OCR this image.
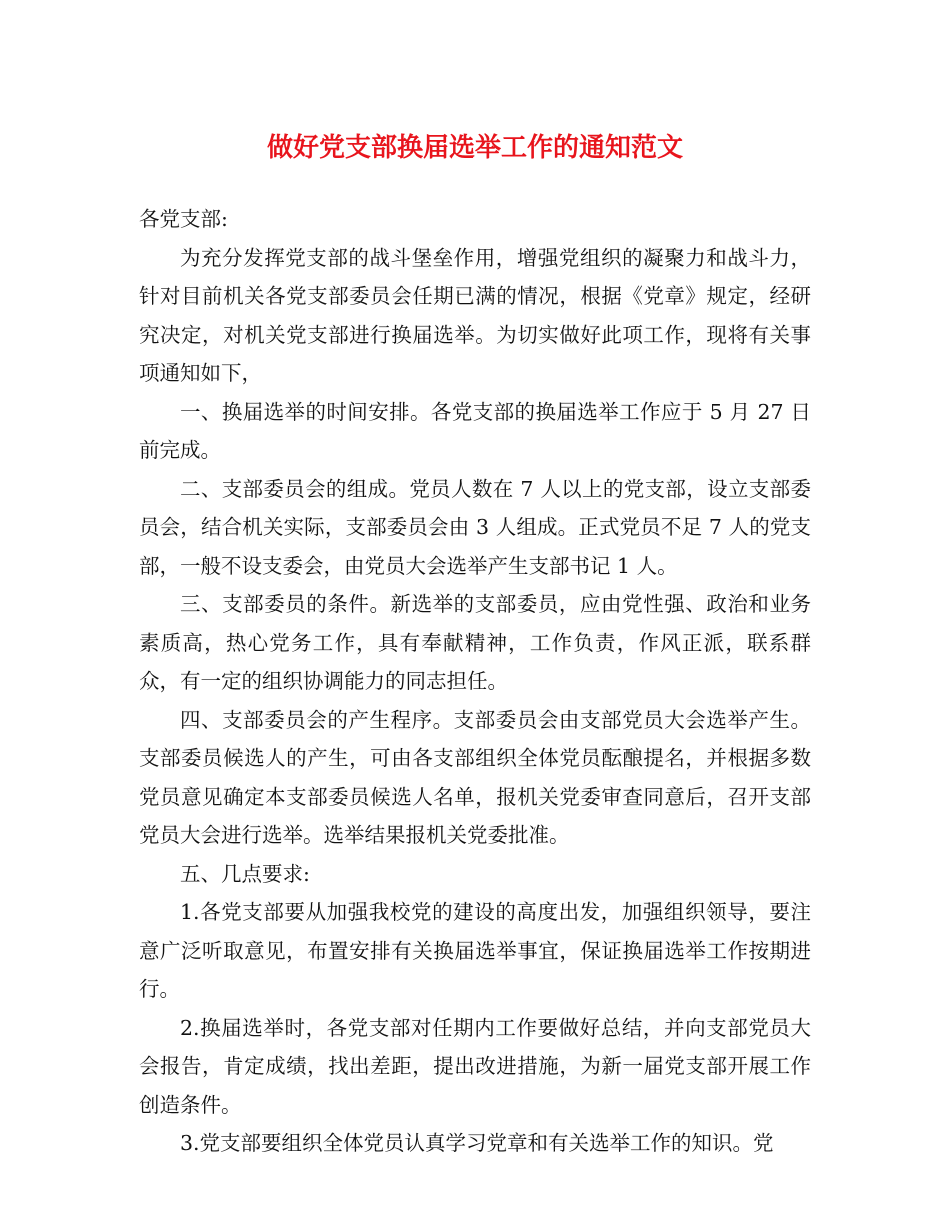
做好党支部换届选举工作的通知范文

各党支部:

为充分发挥党支部的战斗堡垒作用，增强党组织的凝聚力和战斗力，针对目前机关各党支部委员会任期已满的情况，根据《党章》规定，经研究决定，对机关党支部进行换届选举。为切实做好此项工作，现将有关事项通知如下，

一、换届选举的时间安排。各党支部的换届选举工作应于 5 月 27 日前完成。

二、支部委员会的组成。党员人数在 7 人以上的党支部，设立支部委员会，结合机关实际，支部委员会由 3 人组成。正式党员不足 7 人的党支部，一般不设支委会，由党员大会选举产生支部书记 1 人。

三、支部委员的条件。新选举的支部委员，应由党性强、政治和业务素质高，热心党务工作，具有奉献精神，工作负责，作风正派，联系群众，有一定的组织协调能力的同志担任。

四、支部委员会的产生程序。支部委员会由支部党员大会选举产生。支部委员候选人的产生，可由各支部组织全体党员酝酿提名，并根据多数党员意见确定本支部委员候选人名单，报机关党委审查同意后，召开支部党员大会进行选举。选举结果报机关党委批准。

五、几点要求:

1.各党支部要从加强我校党的建设的高度出发，加强组织领导，要注意广泛听取意见，布置安排有关换届选举事宜，保证换届选举工作按期进行。

2.换届选举时，各党支部对任期内工作要做好总结，并向支部党员大会报告，肯定成绩，找出差距，提出改进措施，为新一届党支部开展工作创造条件。

3.党支部要组织全体党员认真学习党章和有关选举工作的知识。党
